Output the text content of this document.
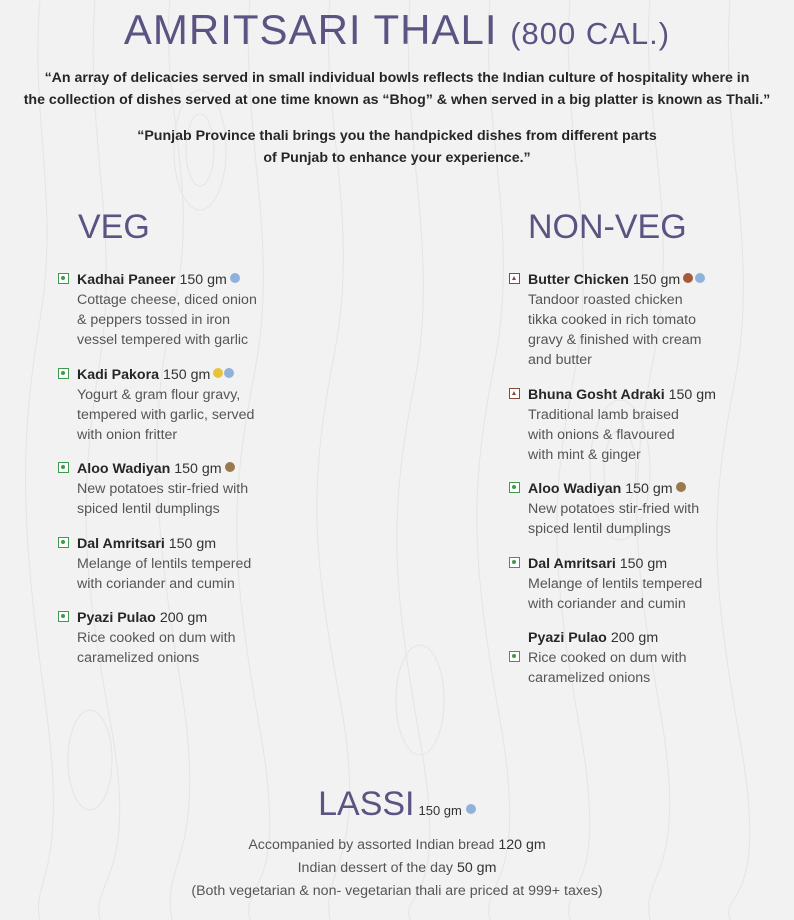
AMRITSARI THALI (800 CAL.)
“An array of delicacies served in small individual bowls reflects the Indian culture of hospitality where in
the collection of dishes served at one time known as “Bhog” & when served in a big platter is known as Thali.”
“Punjab Province thali brings you the handpicked dishes from different parts
of Punjab to enhance your experience.”
VEG	NON-VEG
Kadhai Paneer 150 gm
Cottage cheese, diced onion
& peppers tossed in iron
vessel tempered with garlic
Kadi Pakora 150 gm
Yogurt & gram flour gravy,
tempered with garlic, served
with onion fritter
Aloo Wadiyan 150 gm
New potatoes stir-fried with
spiced lentil dumplings
Dal Amritsari 150 gm
Melange of lentils tempered
with coriander and cumin
Pyazi Pulao 200 gm
Rice cooked on dum with
caramelized onions
Butter Chicken 150 gm
Tandoor roasted chicken
tikka cooked in rich tomato
gravy & finished with cream
and butter
Bhuna Gosht Adraki 150 gm
Traditional lamb braised
with onions & flavoured
with mint & ginger
Aloo Wadiyan 150 gm
New potatoes stir-fried with
spiced lentil dumplings
Dal Amritsari 150 gm
Melange of lentils tempered
with coriander and cumin
Pyazi Pulao 200 gm
Rice cooked on dum with
caramelized onions
LASSI 150 gm
Accompanied by assorted Indian bread 120 gm
Indian dessert of the day 50 gm
(Both vegetarian & non- vegetarian thali are priced at 999+ taxes)
